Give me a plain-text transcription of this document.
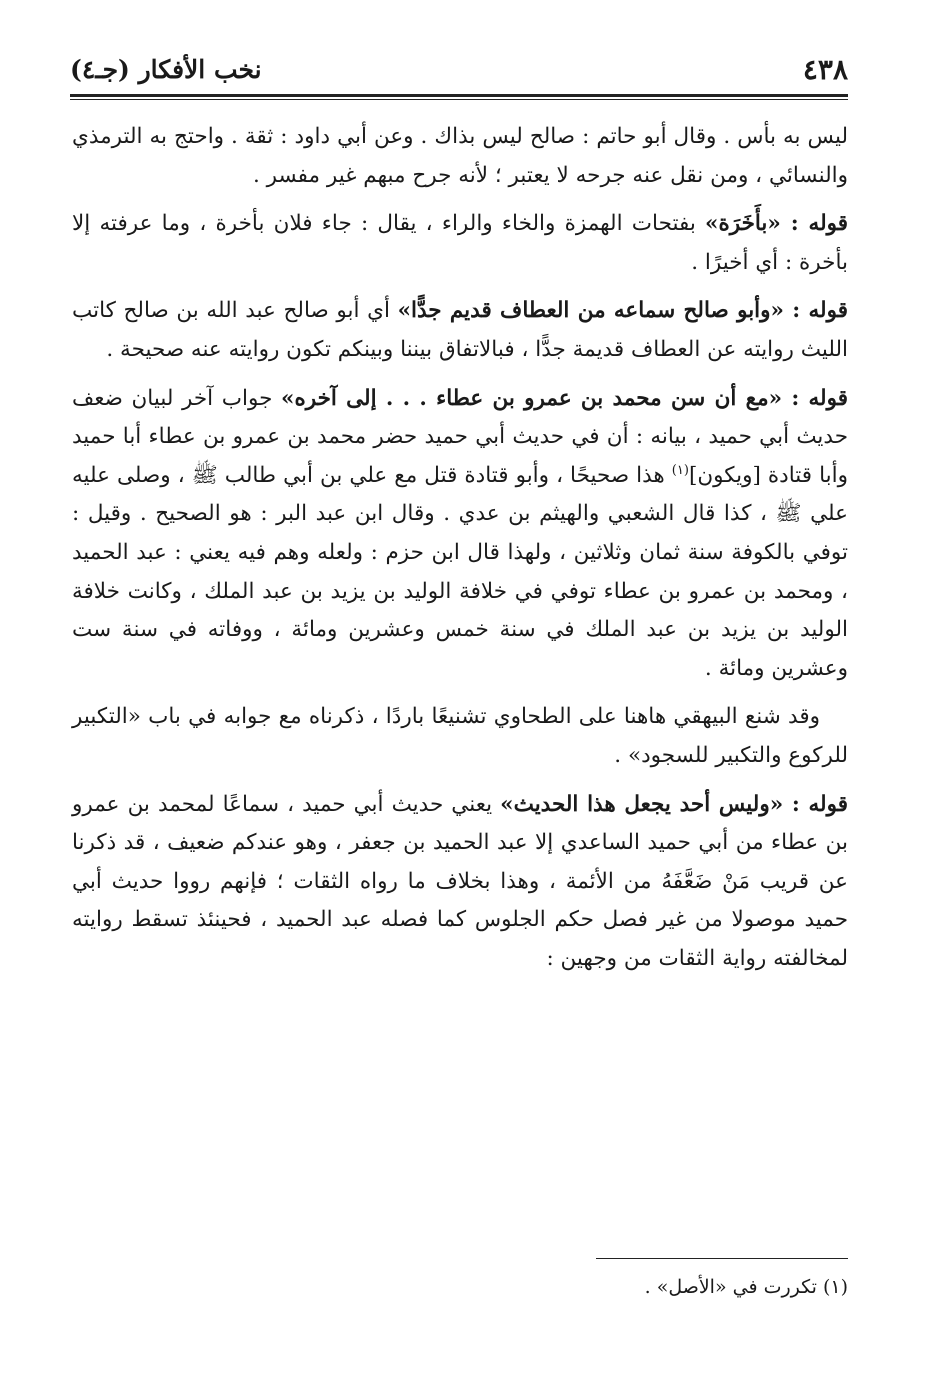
٤٣٨
نخب الأفكار (جـ٤)

ليس به بأس . وقال أبو حاتم : صالح ليس بذاك . وعن أبي داود : ثقة . واحتج به الترمذي والنسائي ، ومن نقل عنه جرحه لا يعتبر ؛ لأنه جرح مبهم غير مفسر .

قوله : «بأَخَرَة» بفتحات الهمزة والخاء والراء ، يقال : جاء فلان بأخرة ، وما عرفته إلا بأخرة : أي أخيرًا .

قوله : «وأبو صالح سماعه من العطاف قديم جدًّا» أي أبو صالح عبد الله بن صالح كاتب الليث روايته عن العطاف قديمة جدًّا ، فبالاتفاق بيننا وبينكم تكون روايته عنه صحيحة .

قوله : «مع أن سن محمد بن عمرو بن عطاء . . . إلى آخره» جواب آخر لبيان ضعف حديث أبي حميد ، بيانه : أن في حديث أبي حميد حضر محمد بن عمرو بن عطاء أبا حميد وأبا قتادة [ويكون]$^{(١)}$ هذا صحيحًا ، وأبو قتادة قتل مع علي بن أبي طالب ﷺ ، وصلى عليه علي ﷺ ، كذا قال الشعبي والهيثم بن عدي . وقال ابن عبد البر : هو الصحيح . وقيل : توفي بالكوفة سنة ثمان وثلاثين ، ولهذا قال ابن حزم : ولعله وهم فيه يعني : عبد الحميد ، ومحمد بن عمرو بن عطاء توفي في خلافة الوليد بن يزيد بن عبد الملك ، وكانت خلافة الوليد بن يزيد بن عبد الملك في سنة خمس وعشرين ومائة ، ووفاته في سنة ست وعشرين ومائة .

وقد شنع البيهقي هاهنا على الطحاوي تشنيعًا باردًا ، ذكرناه مع جوابه في باب «التكبير للركوع والتكبير للسجود» .

قوله : «وليس أحد يجعل هذا الحديث» يعني حديث أبي حميد ، سماعًا لمحمد بن عمرو بن عطاء من أبي حميد الساعدي إلا عبد الحميد بن جعفر ، وهو عندكم ضعيف ، قد ذكرنا عن قريب مَنْ ضَعَّفَهُ من الأئمة ، وهذا بخلاف ما رواه الثقات ؛ فإنهم رووا حديث أبي حميد موصولا من غير فصل حكم الجلوس كما فصله عبد الحميد ، فحينئذ تسقط روايته لمخالفته رواية الثقات من وجهين :

(١) تكررت في «الأصل» .
